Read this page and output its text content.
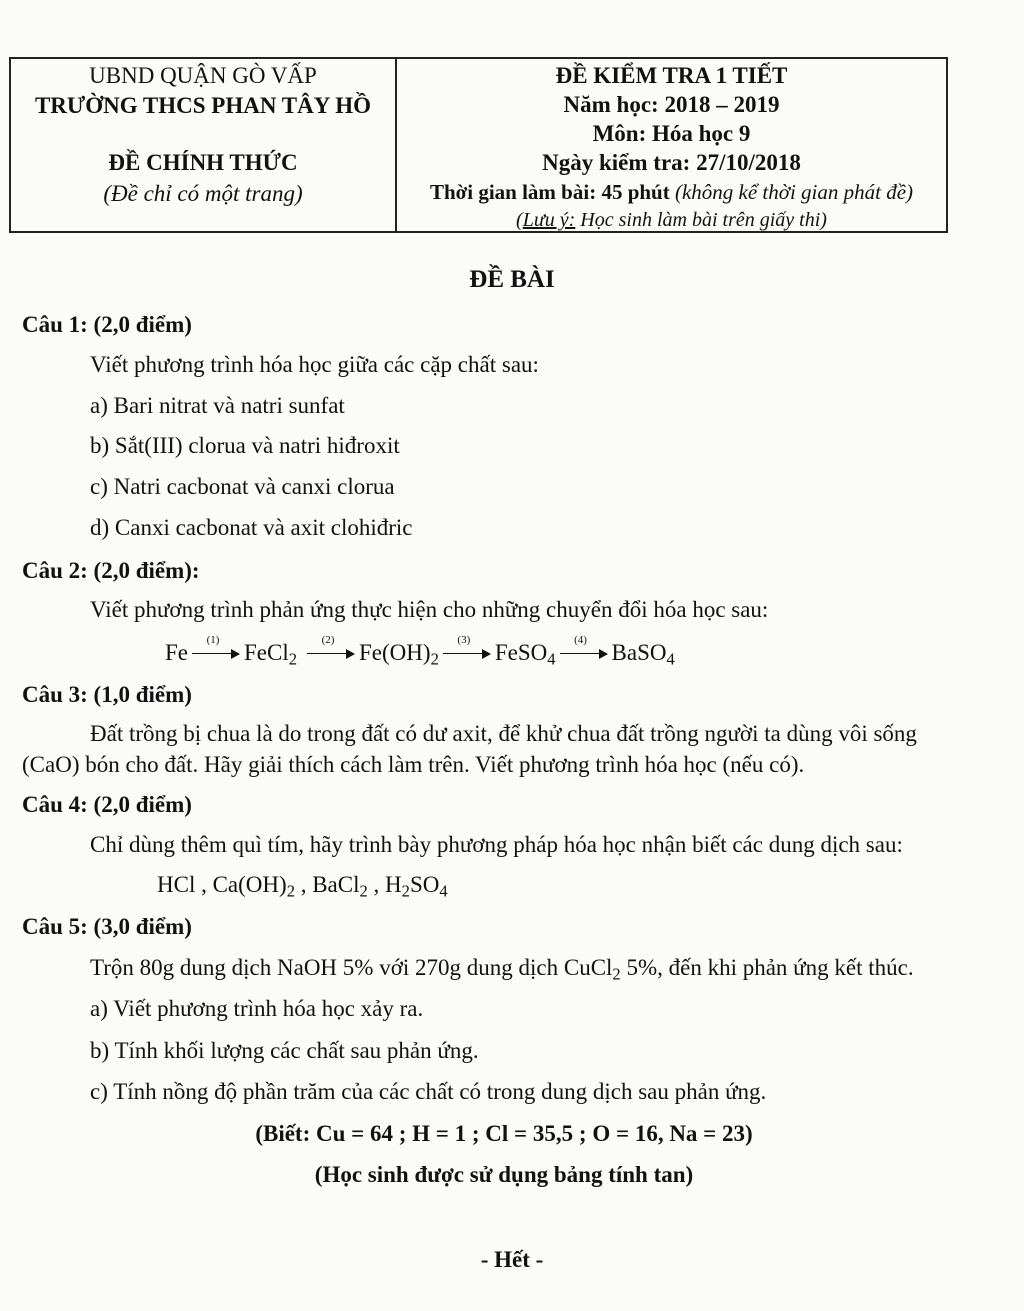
UBND QUẬN GÒ VẤP
TRƯỜNG THCS PHAN TÂY HỒ
ĐỀ CHÍNH THỨC
(Đề chỉ có một trang)
ĐỀ KIỂM TRA 1 TIẾT
Năm học: 2018 – 2019
Môn: Hóa học 9
Ngày kiểm tra: 27/10/2018
Thời gian làm bài: 45 phút (không kể thời gian phát đề)
(Lưu ý: Học sinh làm bài trên giấy thi)
ĐỀ BÀI
Câu 1: (2,0 điểm)
Viết phương trình hóa học giữa các cặp chất sau:
a) Bari nitrat và natri sunfat
b) Sắt(III) clorua và natri hiđroxit
c) Natri cacbonat và canxi clorua
d) Canxi cacbonat và axit clohiđric
Câu 2: (2,0 điểm):
Viết phương trình phản ứng thực hiện cho những chuyển đổi hóa học sau:
Fe	(1)	FeCl$_2$
(2)	$Fe(OH)_2$
(3)	FeSO$_4$
(4)	BaSO$_4$
Câu 3: (1,0 điểm)
Đất trồng bị chua là do trong đất có dư axit, để khử chua đất trồng người ta dùng vôi sống
(CaO) bón cho đất. Hãy giải thích cách làm trên. Viết phương trình hóa học (nếu có).
Câu 4: (2,0 điểm)
Chỉ dùng thêm quì tím, hãy trình bày phương pháp hóa học nhận biết các dung dịch sau:
HCl , $Ca(OH)_2$ , BaCl$_2$ , $H_2SO_4$
Câu 5: (3,0 điểm)
Trộn 80g dung dịch NaOH 5% với 270g dung dịch CuCl$_2$ 5%, đến khi phản ứng kết thúc.
a) Viết phương trình hóa học xảy ra.
b) Tính khối lượng các chất sau phản ứng.
c) Tính nồng độ phần trăm của các chất có trong dung dịch sau phản ứng.
(Biết: Cu = 64 ; H = 1 ; Cl = 35,5 ; O = 16, Na = 23)
(Học sinh được sử dụng bảng tính tan)
- Hết -
